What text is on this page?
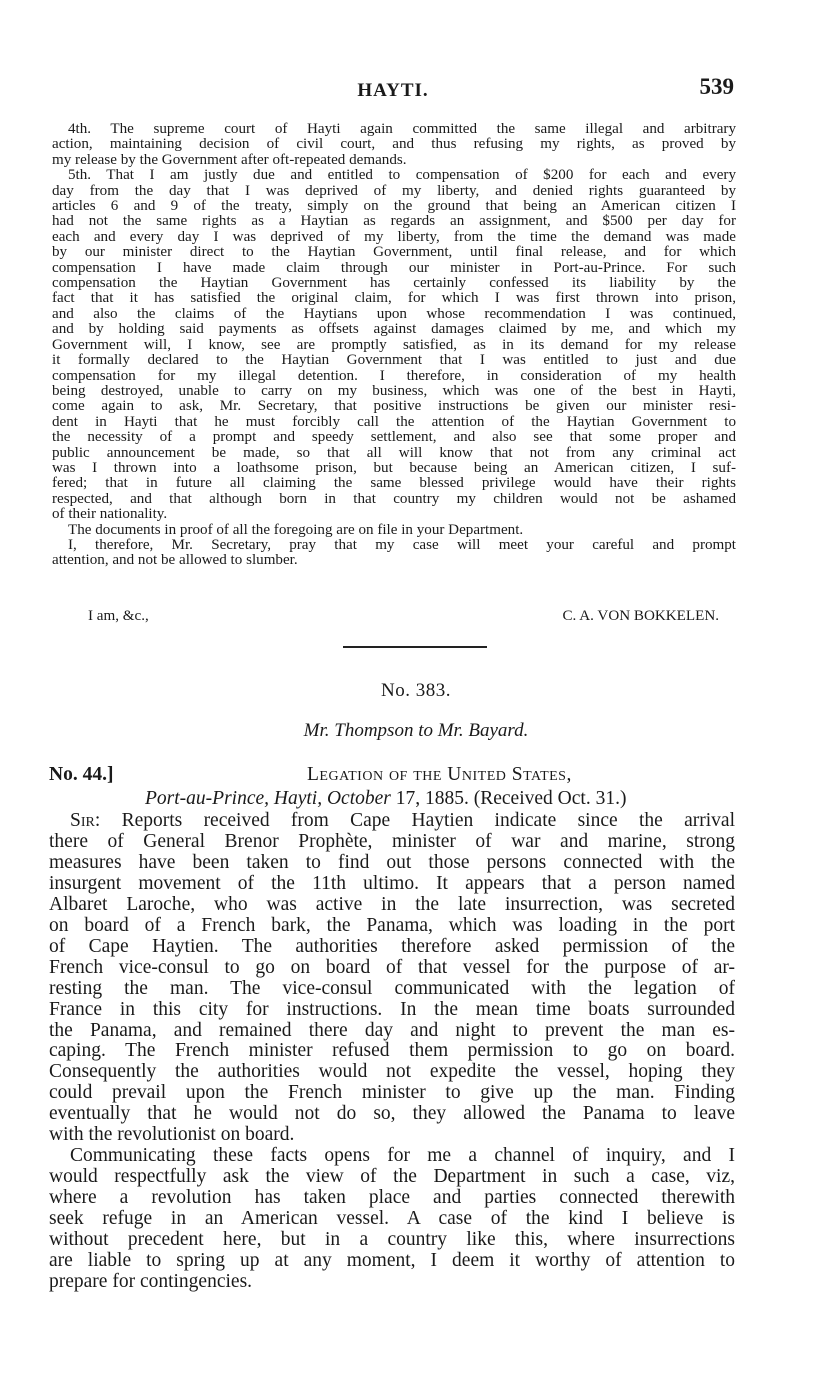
HAYTI.	539
4th. The supreme court of Hayti again committed the same illegal and arbitrary
action, maintaining decision of civil court, and thus refusing my rights, as proved by
my release by the Government after oft-repeated demands.
5th. That I am justly due and entitled to compensation of $200 for each and every
day from the day that I was deprived of my liberty, and denied rights guaranteed by
articles 6 and 9 of the treaty, simply on the ground that being an American citizen I
had not the same rights as a Haytian as regards an assignment, and $500 per day for
each and every day I was deprived of my liberty, from the time the demand was made
by our minister direct to the Haytian Government, until final release, and for which
compensation I have made claim through our minister in Port-au-Prince. For such
compensation the Haytian Government has certainly confessed its liability by the
fact that it has satisfied the original claim, for which I was first thrown into prison,
and also the claims of the Haytians upon whose recommendation I was continued,
and by holding said payments as offsets against damages claimed by me, and which my
Government will, I know, see are promptly satisfied, as in its demand for my release
it formally declared to the Haytian Government that I was entitled to just and due
compensation for my illegal detention. I therefore, in consideration of my health
being destroyed, unable to carry on my business, which was one of the best in Hayti,
come again to ask, Mr. Secretary, that positive instructions be given our minister resi-
dent in Hayti that he must forcibly call the attention of the Haytian Government to
the necessity of a prompt and speedy settlement, and also see that some proper and
public announcement be made, so that all will know that not from any criminal act
was I thrown into a loathsome prison, but because being an American citizen, I suf-
fered; that in future all claiming the same blessed privilege would have their rights
respected, and that although born in that country my children would not be ashamed
of their nationality.
The documents in proof of all the foregoing are on file in your Department.
I, therefore, Mr. Secretary, pray that my case will meet your careful and prompt
attention, and not be allowed to slumber.
I am, &c.,	C. A. VON BOKKELEN.
No. 383.
Mr. Thompson to Mr. Bayard.
No. 44.]	Legation of the United States,
Port-au-Prince, Hayti, October 17, 1885. (Received Oct. 31.)
Sir: Reports received from Cape Haytien indicate since the arrival
there of General Brenor Prophète, minister of war and marine, strong
measures have been taken to find out those persons connected with the
insurgent movement of the 11th ultimo. It appears that a person named
Albaret Laroche, who was active in the late insurrection, was secreted
on board of a French bark, the Panama, which was loading in the port
of Cape Haytien. The authorities therefore asked permission of the
French vice-consul to go on board of that vessel for the purpose of ar-
resting the man. The vice-consul communicated with the legation of
France in this city for instructions. In the mean time boats surrounded
the Panama, and remained there day and night to prevent the man es-
caping. The French minister refused them permission to go on board.
Consequently the authorities would not expedite the vessel, hoping they
could prevail upon the French minister to give up the man. Finding
eventually that he would not do so, they allowed the Panama to leave
with the revolutionist on board.
Communicating these facts opens for me a channel of inquiry, and I
would respectfully ask the view of the Department in such a case, viz,
where a revolution has taken place and parties connected therewith
seek refuge in an American vessel. A case of the kind I believe is
without precedent here, but in a country like this, where insurrections
are liable to spring up at any moment, I deem it worthy of attention to
prepare for contingencies.
